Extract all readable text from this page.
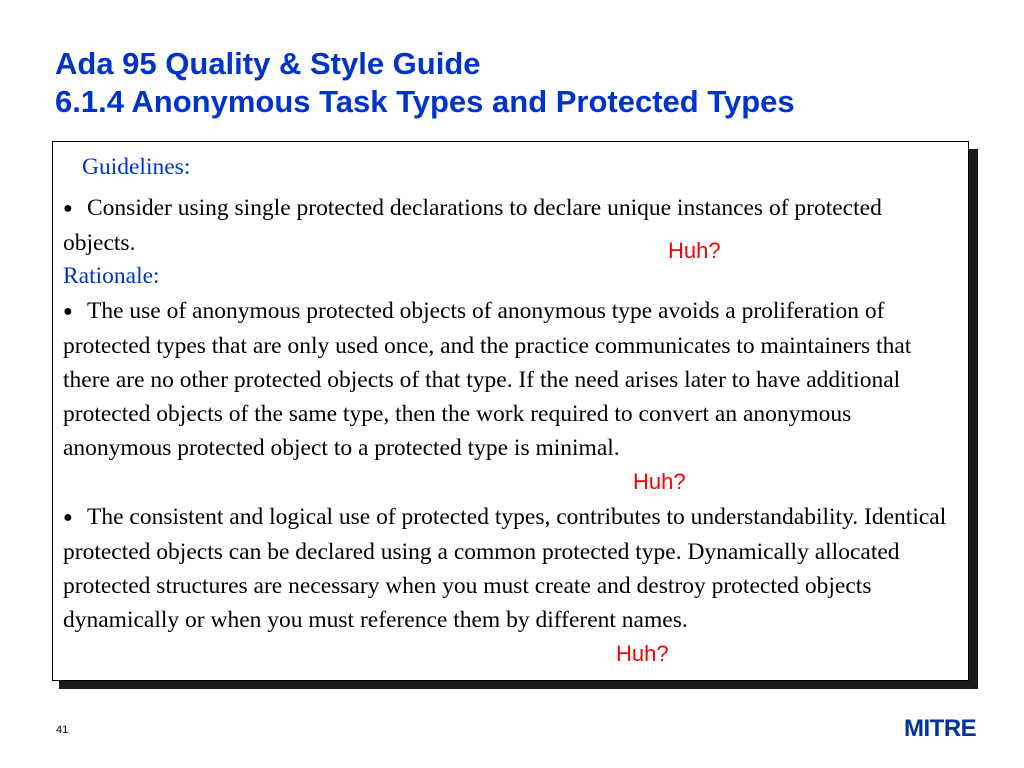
Ada 95 Quality & Style Guide
6.1.4 Anonymous Task Types and Protected Types

Guidelines:

● Consider using single protected declarations to declare unique instances of protected objects.

Rationale:

● The use of anonymous protected objects of anonymous type avoids a proliferation of protected types that are only used once, and the practice communicates to maintainers that there are no other protected objects of that type. If the need arises later to have additional protected objects of the same type, then the work required to convert an anonymous anonymous protected object to a protected type is minimal.

● The consistent and logical use of protected types, contributes to understandability. Identical protected objects can be declared using a common protected type. Dynamically allocated protected structures are necessary when you must create and destroy protected objects dynamically or when you must reference them by different names.

Huh?
Huh?
Huh?
41	MITRE
